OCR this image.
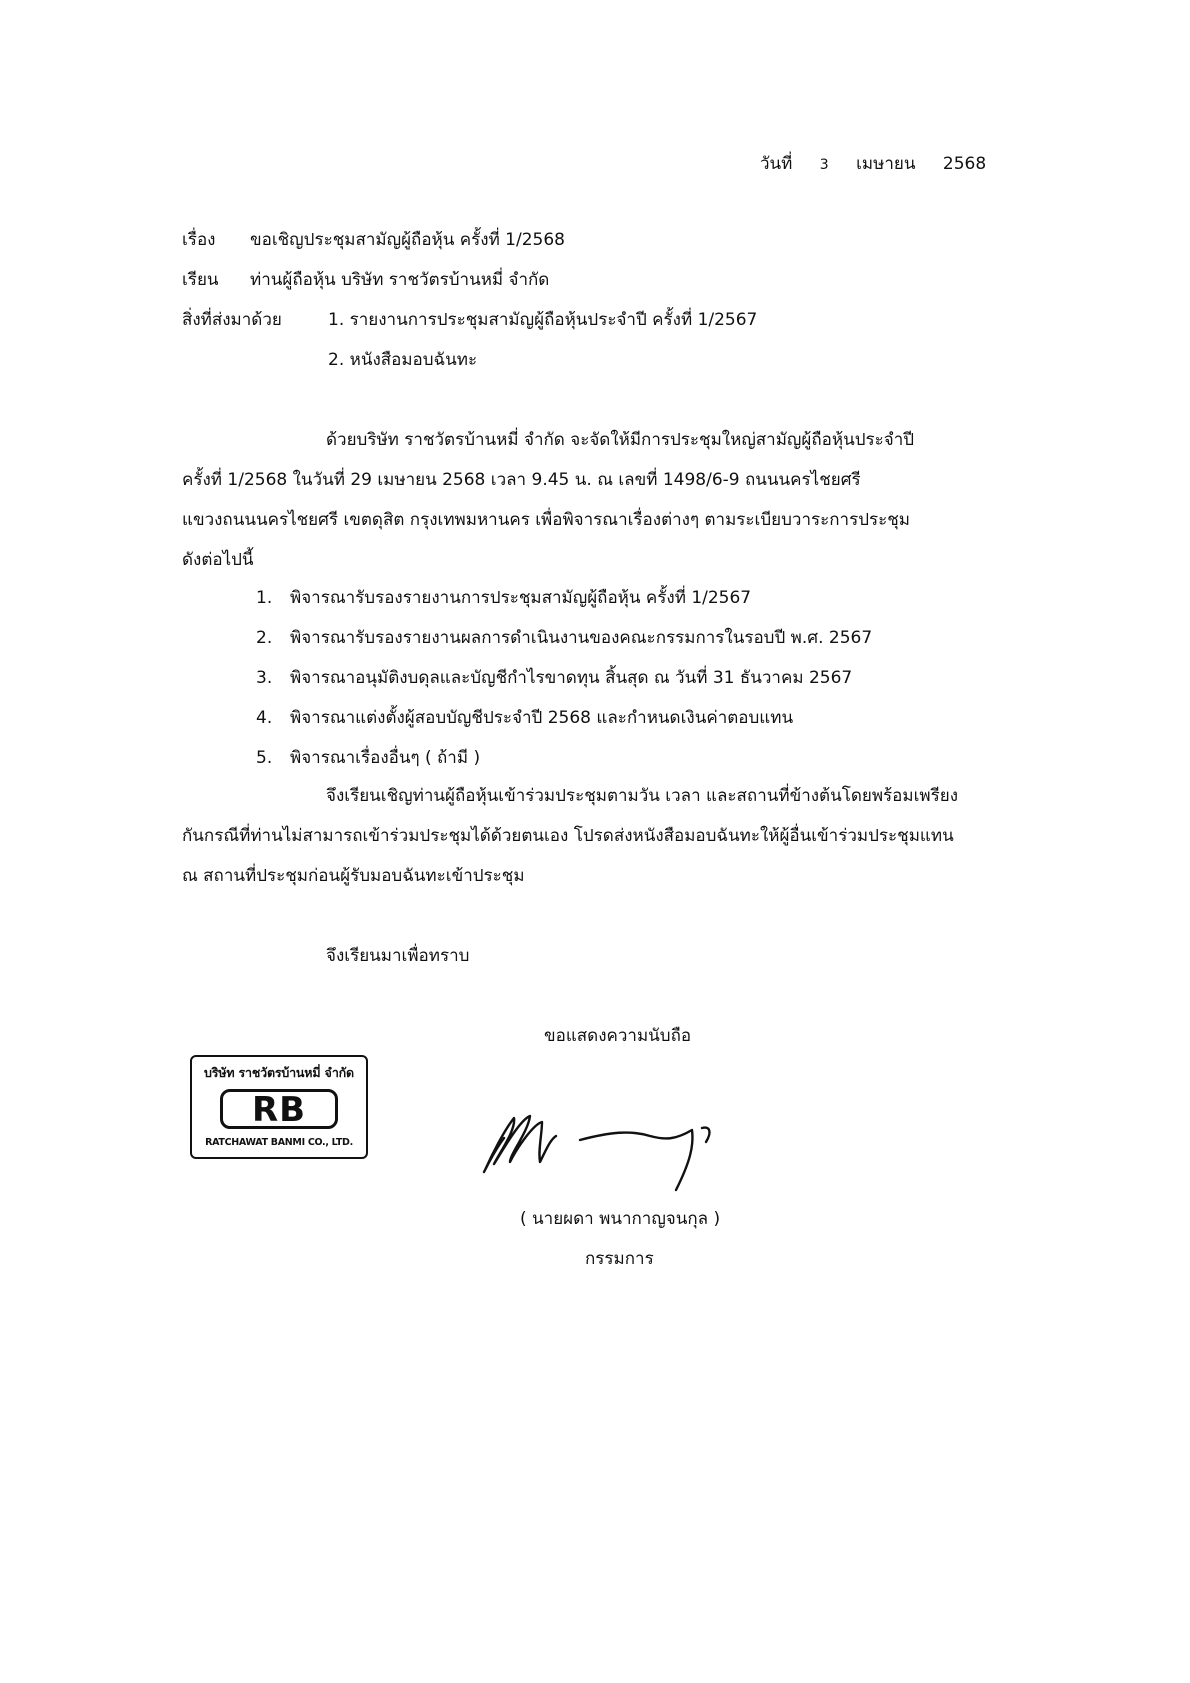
วันที่ 3 เมษายน 2568
เรื่อง ขอเชิญประชุมสามัญผู้ถือหุ้น ครั้งที่ 1/2568
เรียน ท่านผู้ถือหุ้น บริษัท ราชวัตรบ้านหมี่ จำกัด
สิ่งที่ส่งมาด้วย	1. รายงานการประชุมสามัญผู้ถือหุ้นประจำปี ครั้งที่ 1/2567
2. หนังสือมอบฉันทะ
ด้วยบริษัท ราชวัตรบ้านหมี่ จำกัด จะจัดให้มีการประชุมใหญ่สามัญผู้ถือหุ้นประจำปี
ครั้งที่ 1/2568 ในวันที่ 29 เมษายน 2568 เวลา 9.45 น. ณ เลขที่ 1498/6-9 ถนนนครไชยศรี
แขวงถนนนครไชยศรี เขตดุสิต กรุงเทพมหานคร เพื่อพิจารณาเรื่องต่างๆ ตามระเบียบวาระการประชุม
ดังต่อไปนี้
1. พิจารณารับรองรายงานการประชุมสามัญผู้ถือหุ้น ครั้งที่ 1/2567
2. พิจารณารับรองรายงานผลการดำเนินงานของคณะกรรมการในรอบปี พ.ศ. 2567
3. พิจารณาอนุมัติงบดุลและบัญชีกำไรขาดทุน สิ้นสุด ณ วันที่ 31 ธันวาคม 2567
4. พิจารณาแต่งตั้งผู้สอบบัญชีประจำปี 2568 และกำหนดเงินค่าตอบแทน
5. พิจารณาเรื่องอื่นๆ ( ถ้ามี )
จึงเรียนเชิญท่านผู้ถือหุ้นเข้าร่วมประชุมตามวัน เวลา และสถานที่ข้างต้นโดยพร้อมเพรียง
กันกรณีที่ท่านไม่สามารถเข้าร่วมประชุมได้ด้วยตนเอง โปรดส่งหนังสือมอบฉันทะให้ผู้อื่นเข้าร่วมประชุมแทน
ณ สถานที่ประชุมก่อนผู้รับมอบฉันทะเข้าประชุม
จึงเรียนมาเพื่อทราบ
ขอแสดงความนับถือ
บริษัท ราชวัตรบ้านหมี่ จำกัด
RB
RATCHAWAT BANMI CO., LTD.
( นายผดา พนากาญจนกุล )
กรรมการ
